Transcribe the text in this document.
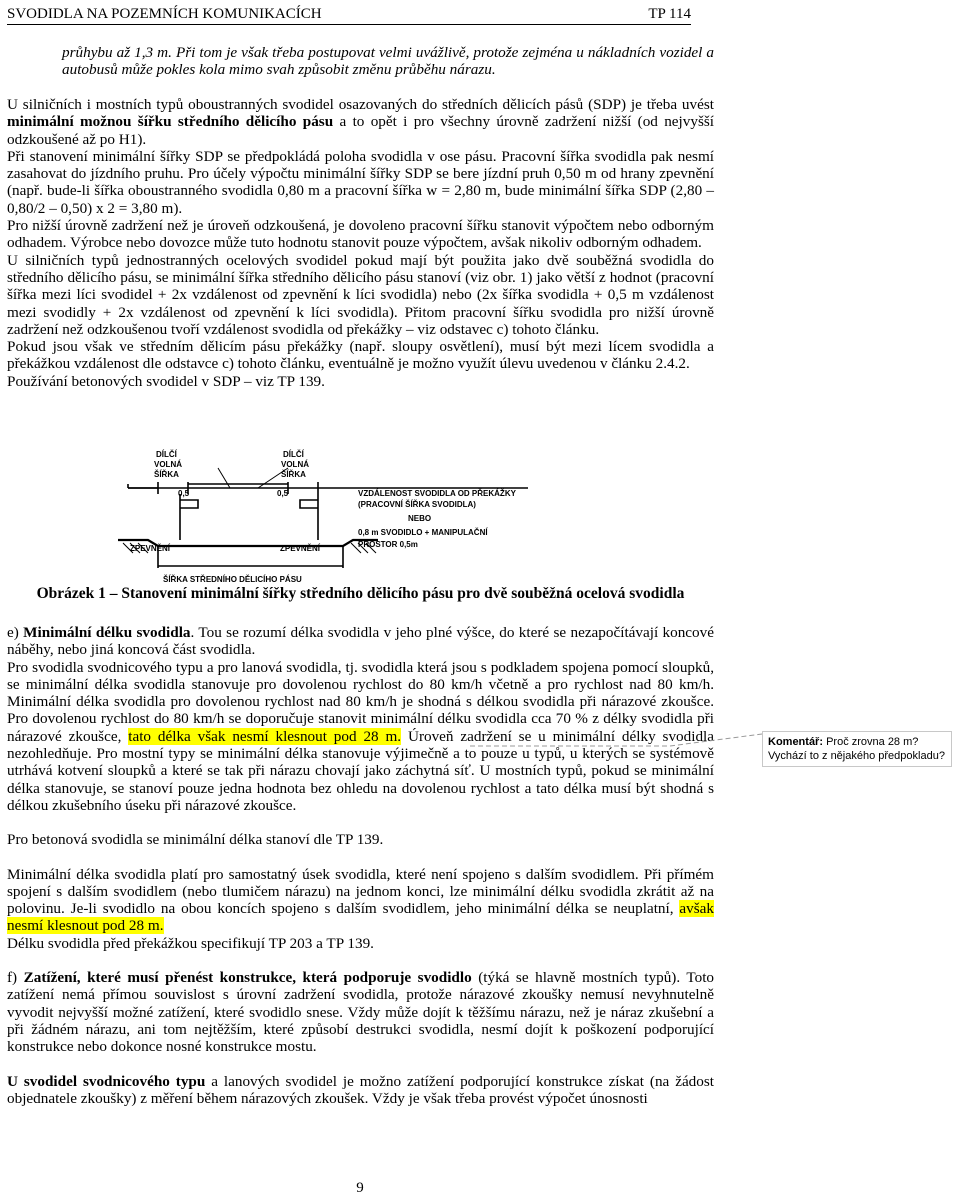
SVODIDLA NA POZEMNÍCH KOMUNIKACÍCH	TP 114

průhybu až 1,3 m. Při tom je však třeba postupovat velmi uvážlivě, protože zejména u nákladních vozidel a autobusů může pokles kola mimo svah způsobit změnu průběhu nárazu.

U silničních i mostních typů oboustranných svodidel osazovaných do středních dělicích pásů (SDP) je třeba uvést minimální možnou šířku středního dělicího pásu a to opět i pro všechny úrovně zadržení nižší (od nejvyšší odzkoušené až po H1).

Při stanovení minimální šířky SDP se předpokládá poloha svodidla v ose pásu. Pracovní šířka svodidla pak nesmí zasahovat do jízdního pruhu. Pro účely výpočtu minimální šířky SDP se bere jízdní pruh 0,50 m od hrany zpevnění (např. bude-li šířka oboustranného svodidla 0,80 m a pracovní šířka w = 2,80 m, bude minimální šířka SDP (2,80 – 0,80/2 – 0,50) x 2 = 3,80 m).

Pro nižší úrovně zadržení než je úroveň odzkoušená, je dovoleno pracovní šířku stanovit výpočtem nebo odborným odhadem. Výrobce nebo dovozce může tuto hodnotu stanovit pouze výpočtem, avšak nikoliv odborným odhadem.

U silničních typů jednostranných ocelových svodidel pokud mají být použita jako dvě souběžná svodidla do středního dělicího pásu, se minimální šířka středního dělicího pásu stanoví (viz obr. 1) jako větší z hodnot (pracovní šířka mezi líci svodidel + 2x vzdálenost od zpevnění k líci svodidla) nebo (2x šířka svodidla + 0,5 m vzdálenost mezi svodidly + 2x vzdálenost od zpevnění k líci svodidla). Přitom pracovní šířku svodidla pro nižší úrovně zadržení než odzkoušenou tvoří vzdálenost svodidla od překážky – viz odstavec c) tohoto článku.

Pokud jsou však ve středním dělicím pásu překážky (např. sloupy osvětlení), musí být mezi lícem svodidla a překážkou vzdálenost dle odstavce c) tohoto článku, eventuálně je možno využít úlevu uvedenou v článku 2.4.2.

Používání betonových svodidel v SDP – viz TP 139.

DÍLČÍ
VOLNÁ
ŠÍŘKA
DÍLČÍ
VOLNÁ
ŠÍŘKA
0,5	0,5	VZDÁLENOST SVODIDLA OD PŘEKÁŽKY
(PRACOVNÍ ŠÍŘKA SVODIDLA)
NEBO
0,8 m SVODIDLO + MANIPULAČNÍ
PROSTOR 0,5m
ZPEVNĚNÍ	ZPEVNĚNÍ
ŠÍŘKA STŘEDNÍHO DĚLICÍHO PÁSU
Obrázek 1 – Stanovení minimální šířky středního dělicího pásu pro dvě souběžná ocelová svodidla

e) Minimální délku svodidla. Tou se rozumí délka svodidla v jeho plné výšce, do které se nezapočítávají koncové náběhy, nebo jiná koncová část svodidla.

Pro svodidla svodnicového typu a pro lanová svodidla, tj. svodidla která jsou s podkladem spojena pomocí sloupků, se minimální délka svodidla stanovuje pro dovolenou rychlost do 80 km/h včetně a pro rychlost nad 80 km/h. Minimální délka svodidla pro dovolenou rychlost nad 80 km/h je shodná s délkou svodidla při nárazové zkoušce. Pro dovolenou rychlost do 80 km/h se doporučuje stanovit minimální délku svodidla cca 70 % z délky svodidla při nárazové zkoušce, tato délka však nesmí klesnout pod 28 m. Úroveň zadržení se u minimální délky svodidla nezohledňuje. Pro mostní typy se minimální délka stanovuje výjimečně a to pouze u typů, u kterých se systémově utrhává kotvení sloupků a které se tak při nárazu chovají jako záchytná síť. U mostních typů, pokud se minimální délka stanovuje, se stanoví pouze jedna hodnota bez ohledu na dovolenou rychlost a tato délka musí být shodná s délkou zkušebního úseku při nárazové zkoušce.

Pro betonová svodidla se minimální délka stanoví dle TP 139.

Minimální délka svodidla platí pro samostatný úsek svodidla, které není spojeno s dalším svodidlem. Při přímém spojení s dalším svodidlem (nebo tlumičem nárazu) na jednom konci, lze minimální délku svodidla zkrátit až na polovinu. Je-li svodidlo na obou koncích spojeno s dalším svodidlem, jeho minimální délka se neuplatní, avšak nesmí klesnout pod 28 m.

Délku svodidla před překážkou specifikují TP 203 a TP 139.

f) Zatížení, které musí přenést konstrukce, která podporuje svodidlo (týká se hlavně mostních typů). Toto zatížení nemá přímou souvislost s úrovní zadržení svodidla, protože nárazové zkoušky nemusí nevyhnutelně vyvodit nejvyšší možné zatížení, které svodidlo snese. Vždy může dojít k těžšímu nárazu, než je náraz zkušební a při žádném nárazu, ani tom nejtěžším, které způsobí destrukci svodidla, nesmí dojít k poškození podporující konstrukce nebo dokonce nosné konstrukce mostu.

U svodidel svodnicového typu a lanových svodidel je možno zatížení podporující konstrukce získat (na žádost objednatele zkoušky) z měření během nárazových zkoušek. Vždy je však třeba provést výpočet únosnosti

Komentář: Proč zrovna 28 m? Vychází to z nějakého předpokladu?
9
